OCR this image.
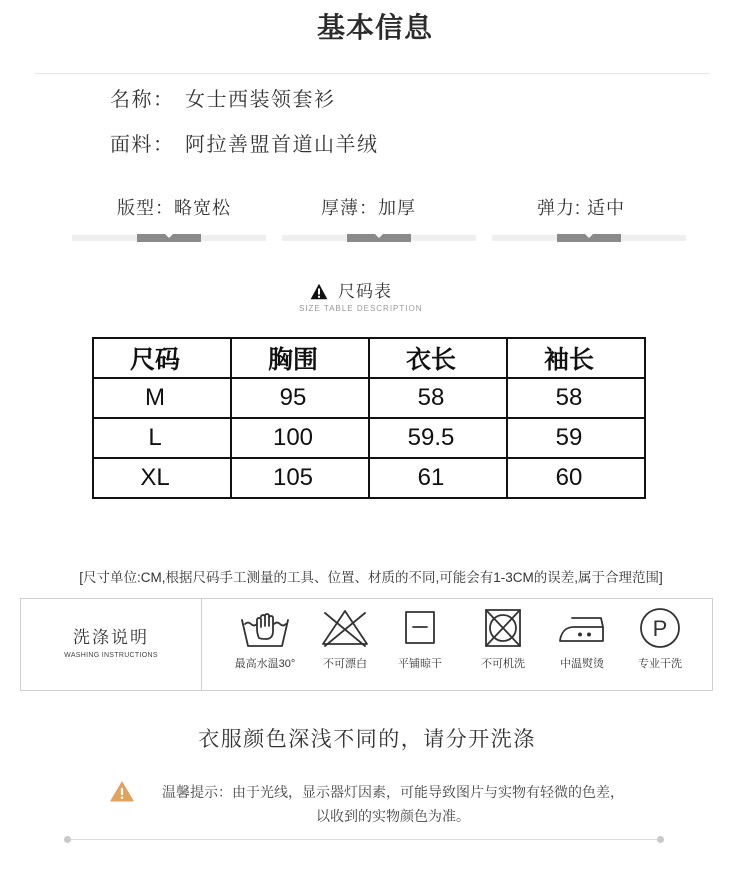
基本信息
名称： 女士西装领套衫
面料： 阿拉善盟首道山羊绒
版型：略宽松	厚薄：加厚	弹力: 适中
尺码表
SIZE TABLE DESCRIPTION
尺码	胸围	衣长	袖长
M	95	58	58
L	100	59.5	59
XL	105	61	60
[尺寸单位:CM,根据尺码手工测量的工具、位置、材质的不同,可能会有1-3CM的误差,属于合理范围]
洗涤说明
WASHING INSTRUCTIONS
最高水温30°	不可漂白	平铺晾干	不可机洗	中温熨烫
P
专业干洗
衣服颜色深浅不同的，请分开洗涤
温馨提示：由于光线，显示器灯因素，可能导致图片与实物有轻微的色差，
以收到的实物颜色为准。
